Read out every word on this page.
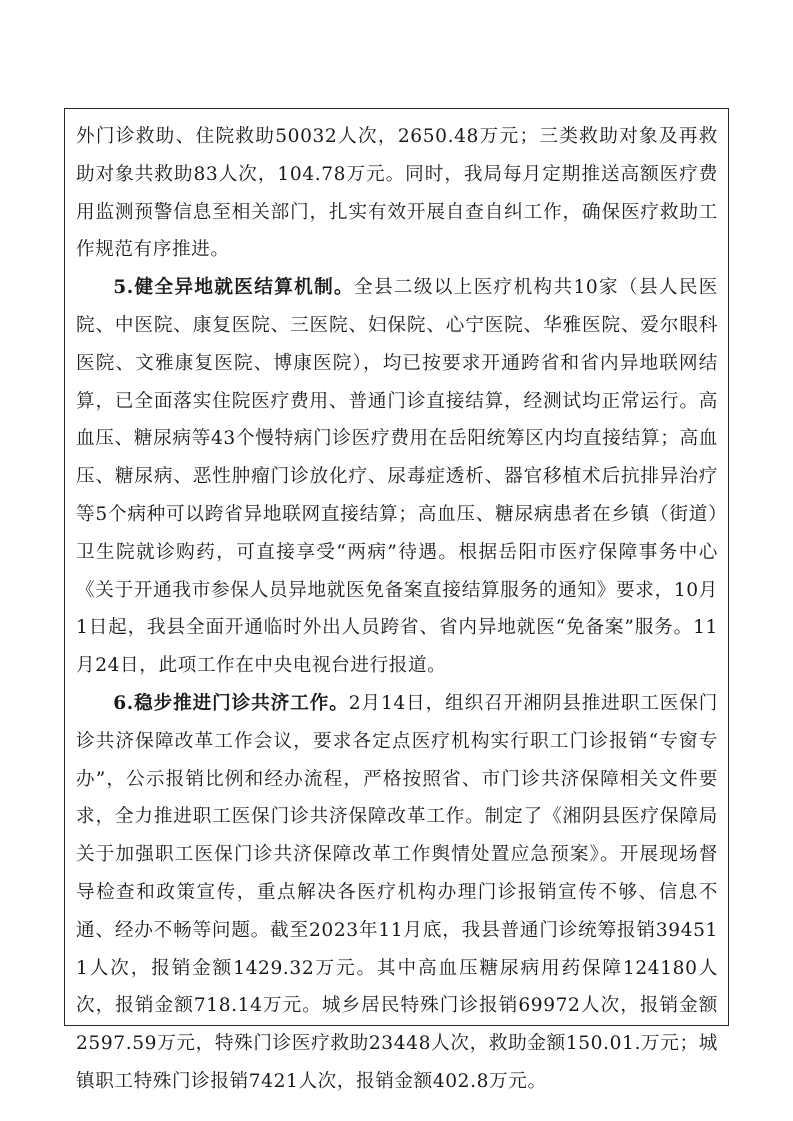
外门诊救助、住院救助50032人次，2650.48万元；三类救助对象及再救助对象共救助83人次，104.78万元。同时，我局每月定期推送高额医疗费用监测预警信息至相关部门，扎实有效开展自查自纠工作，确保医疗救助工作规范有序推进。

5.健全异地就医结算机制。全县二级以上医疗机构共10家（县人民医院、中医院、康复医院、三医院、妇保院、心宁医院、华雅医院、爱尔眼科医院、文雅康复医院、博康医院），均已按要求开通跨省和省内异地联网结算，已全面落实住院医疗费用、普通门诊直接结算，经测试均正常运行。高血压、糖尿病等43个慢特病门诊医疗费用在岳阳统筹区内均直接结算；高血压、糖尿病、恶性肿瘤门诊放化疗、尿毒症透析、器官移植术后抗排异治疗等5个病种可以跨省异地联网直接结算；高血压、糖尿病患者在乡镇（街道）卫生院就诊购药，可直接享受“两病”待遇。根据岳阳市医疗保障事务中心《关于开通我市参保人员异地就医免备案直接结算服务的通知》要求，10月1日起，我县全面开通临时外出人员跨省、省内异地就医“免备案”服务。11月24日，此项工作在中央电视台进行报道。

6.稳步推进门诊共济工作。2月14日，组织召开湘阴县推进职工医保门诊共济保障改革工作会议，要求各定点医疗机构实行职工门诊报销“专窗专办”，公示报销比例和经办流程，严格按照省、市门诊共济保障相关文件要求，全力推进职工医保门诊共济保障改革工作。制定了《湘阴县医疗保障局关于加强职工医保门诊共济保障改革工作舆情处置应急预案》。开展现场督导检查和政策宣传，重点解决各医疗机构办理门诊报销宣传不够、信息不通、经办不畅等问题。截至2023年11月底，我县普通门诊统筹报销394511人次，报销金额1429.32万元。其中高血压糖尿病用药保障124180人次，报销金额718.14万元。城乡居民特殊门诊报销69972人次，报销金额2597.59万元，特殊门诊医疗救助23448人次，救助金额150.01.万元；城镇职工特殊门诊报销7421人次，报销金额402.8万元。
